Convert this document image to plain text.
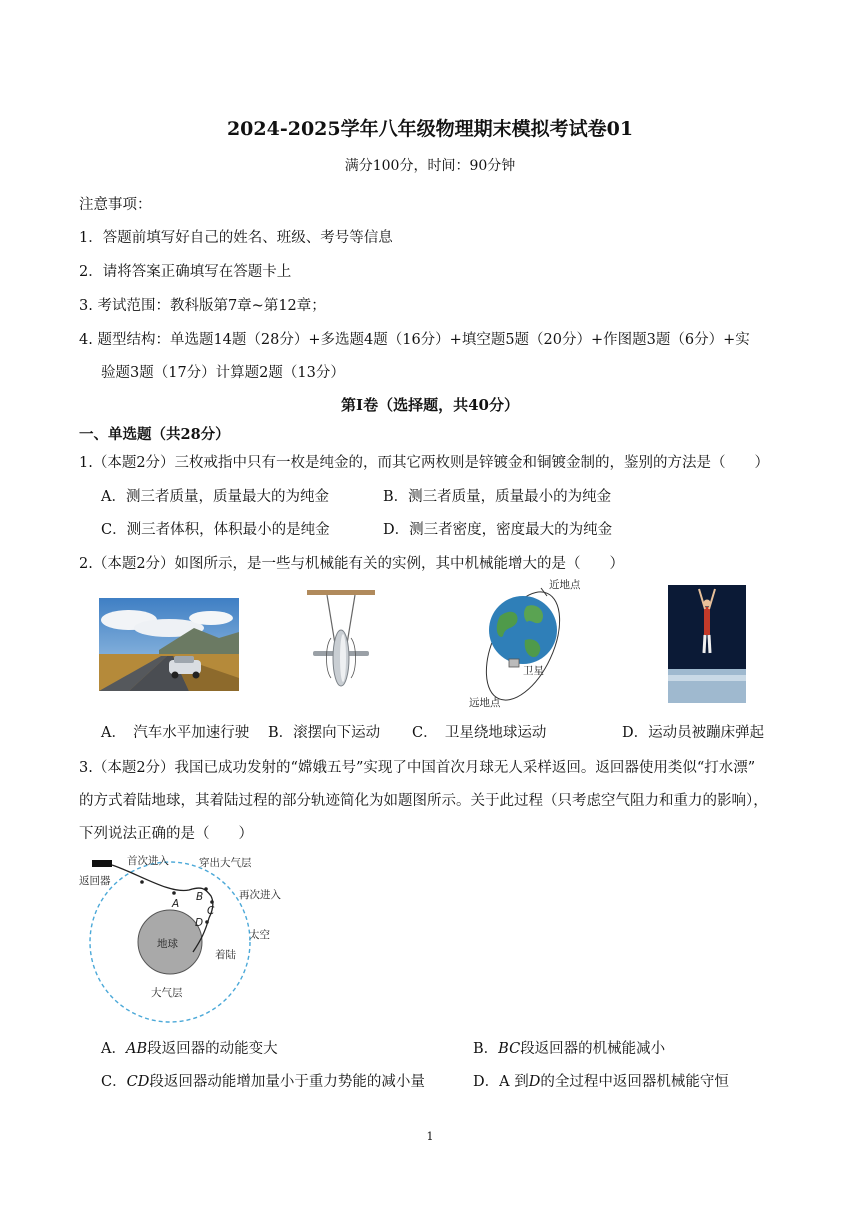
2024-2025学年八年级物理期末模拟考试卷01
满分100分，时间：90分钟
注意事项：
1．答题前填写好自己的姓名、班级、考号等信息
2．请将答案正确填写在答题卡上
3. 考试范围：教科版第7章~第12章；
4. 题型结构：单选题14题（28分）+多选题4题（16分）+填空题5题（20分）+作图题3题（6分）+实
验题3题（17分）计算题2题（13分）
第I卷（选择题，共40分）
一、单选题（共28分）
1.（本题2分）三枚戒指中只有一枚是纯金的，而其它两枚则是锌镀金和铜镀金制的，鉴别的方法是（　　）
A．测三者质量，质量最大的为纯金	B．测三者质量，质量最小的为纯金
C．测三者体积，体积最小的是纯金	D．测三者密度，密度最大的为纯金
2.（本题2分）如图所示，是一些与机械能有关的实例，其中机械能增大的是（　　）
近地点
卫星
远地点
A．　汽车水平加速行驶 B．滚摆向下运动 C．　卫星绕地球运动	D．运动员被蹦床弹起
3.（本题2分）我国已成功发射的“嫦娥五号”实现了中国首次月球无人采样返回。返回器使用类似“打水漂”
的方式着陆地球，其着陆过程的部分轨迹简化为如题图所示。关于此过程（只考虑空气阻力和重力的影响），
下列说法正确的是（　　）
返回器
首次进入	穿出大气层
再次进入
太空
地球
着陆
大气层
A
B
C
D
A．AB段返回器的动能变大	B．BC段返回器的机械能减小
C．CD段返回器动能增加量小于重力势能的减小量	D．A 到D的全过程中返回器机械能守恒
1
